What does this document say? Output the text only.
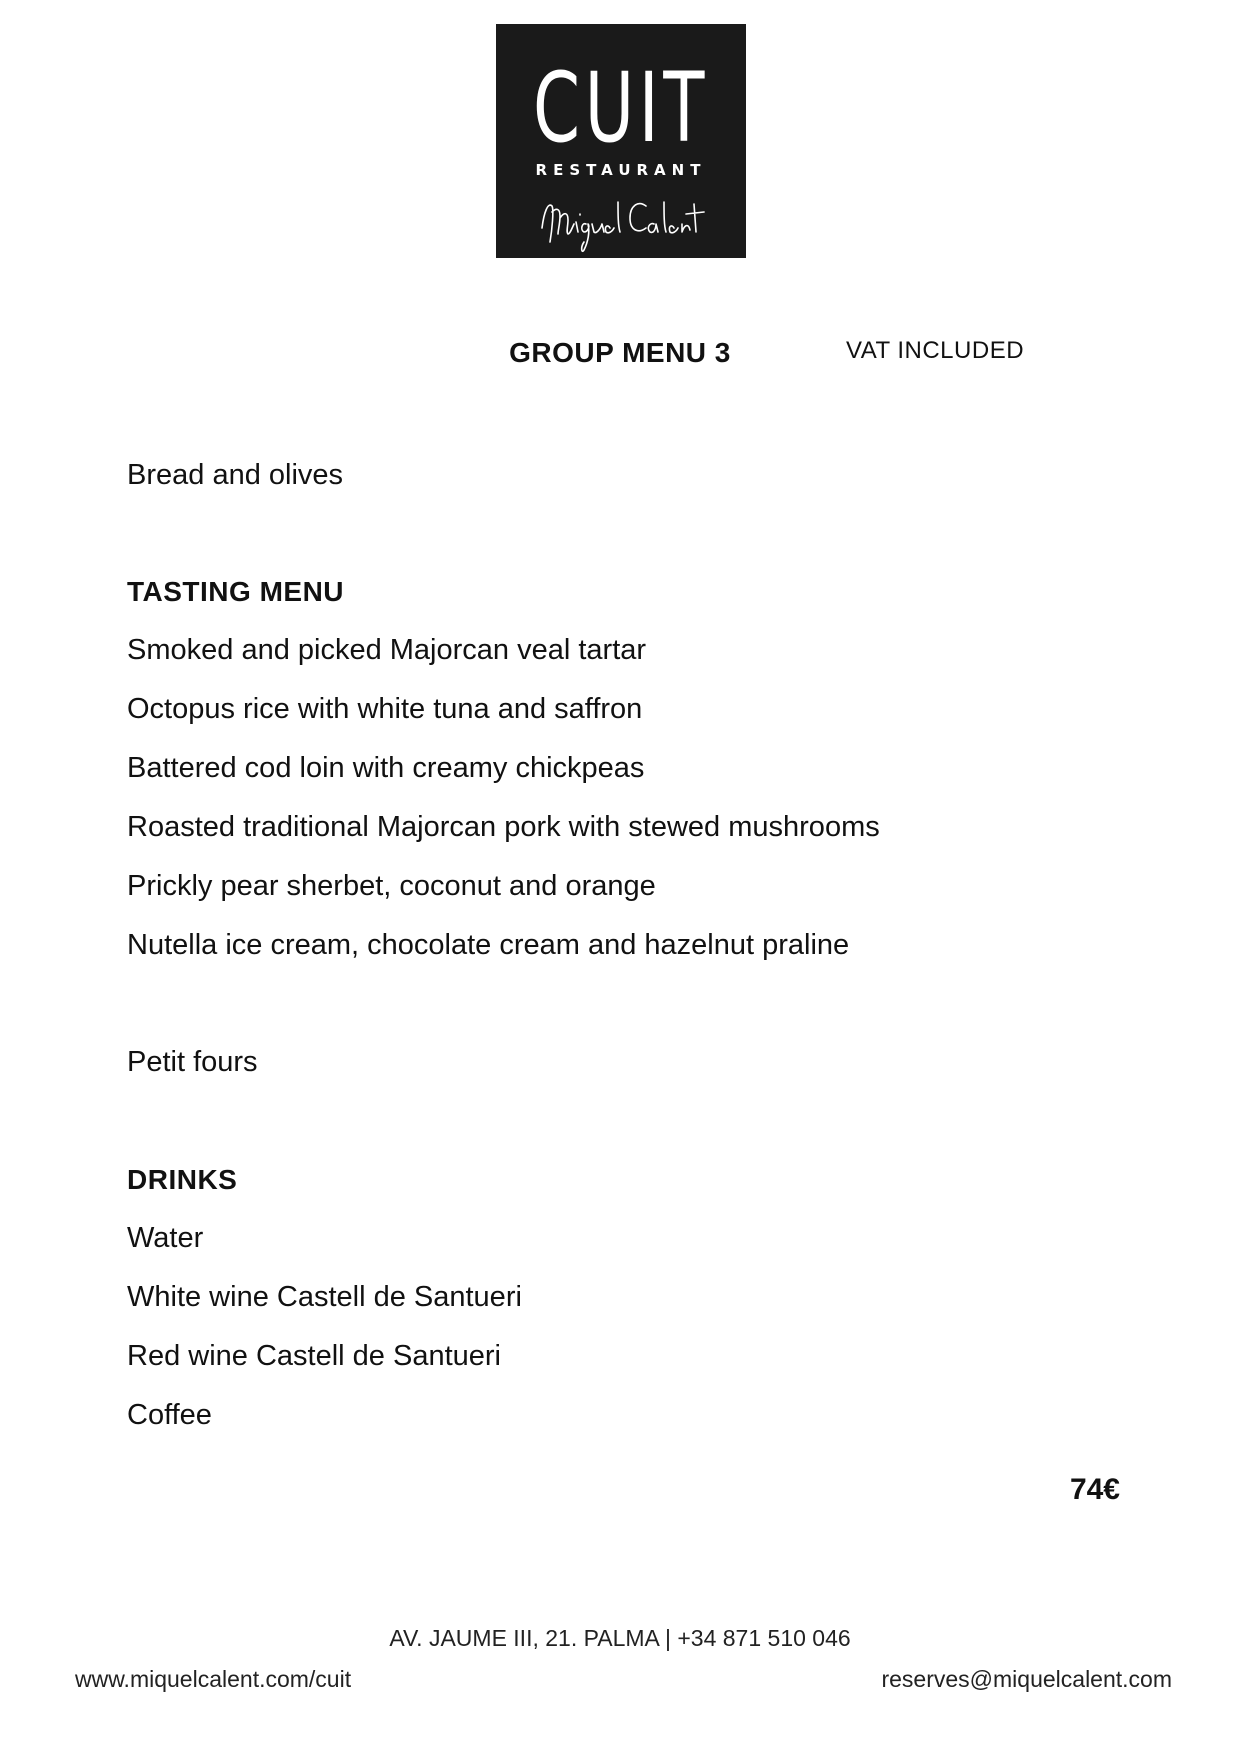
CUIT
RESTAURANT
GROUP MENU 3	VAT INCLUDED
Bread and olives
TASTING MENU
Smoked and picked Majorcan veal tartar
Octopus rice with white tuna and saffron
Battered cod loin with creamy chickpeas
Roasted traditional Majorcan pork with stewed mushrooms
Prickly pear sherbet, coconut and orange
Nutella ice cream, chocolate cream and hazelnut praline
Petit fours
DRINKS
Water
White wine Castell de Santueri
Red wine Castell de Santueri
Coffee
74€
AV. JAUME III, 21. PALMA | +34 871 510 046
www.miquelcalent.com/cuit	reserves@miquelcalent.com
